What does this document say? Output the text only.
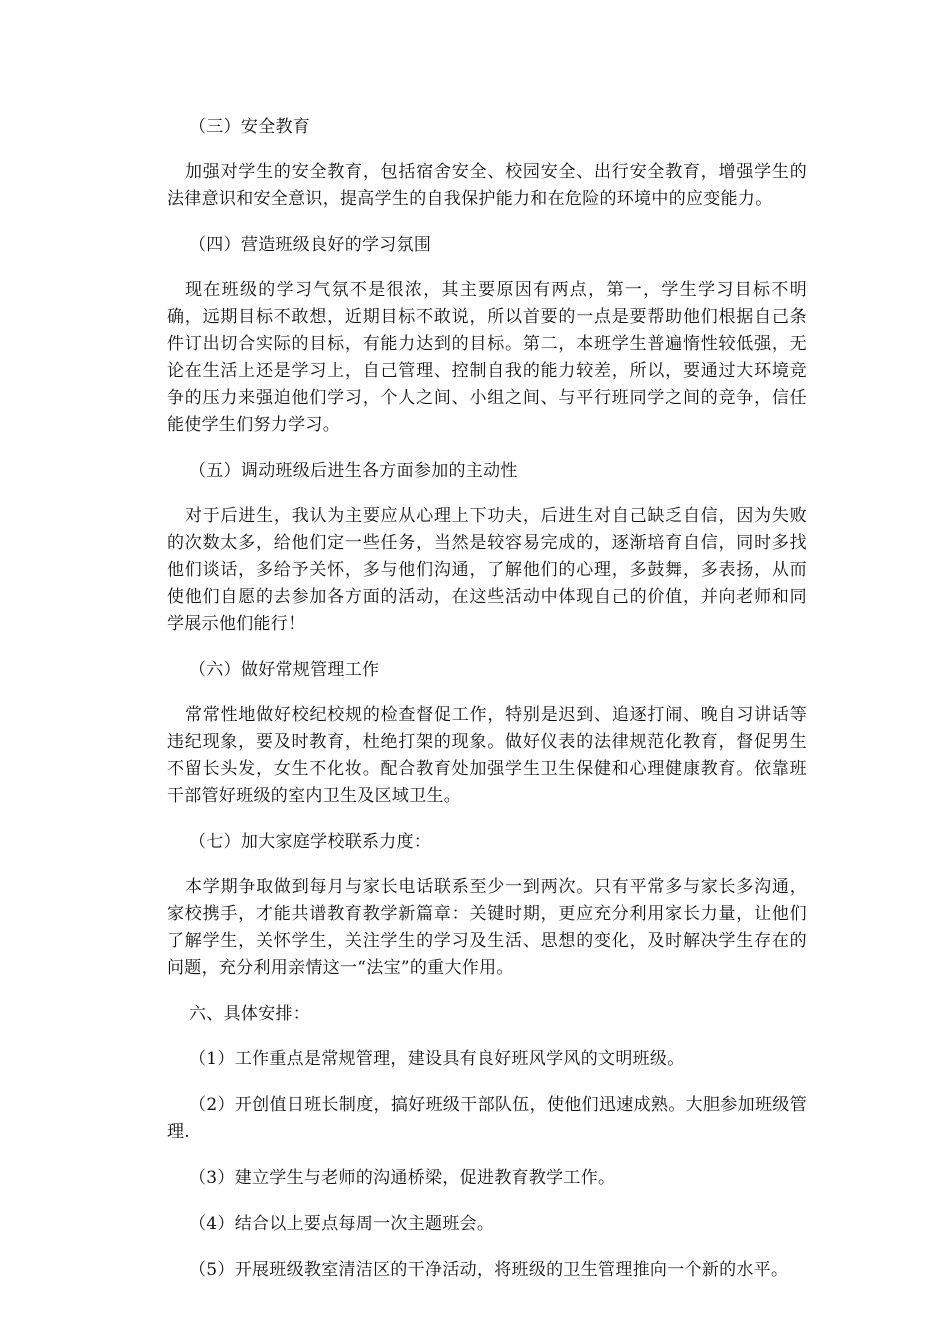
（三）安全教育

加强对学生的安全教育，包括宿舍安全、校园安全、出行安全教育，增强学生的法律意识和安全意识，提高学生的自我保护能力和在危险的环境中的应变能力。

（四）营造班级良好的学习氛围

现在班级的学习气氛不是很浓，其主要原因有两点，第一，学生学习目标不明确，远期目标不敢想，近期目标不敢说，所以首要的一点是要帮助他们根据自己条件订出切合实际的目标，有能力达到的目标。第二，本班学生普遍惰性较低强，无论在生活上还是学习上，自己管理、控制自我的能力较差，所以，要通过大环境竞争的压力来强迫他们学习，个人之间、小组之间、与平行班同学之间的竞争，信任能使学生们努力学习。

（五）调动班级后进生各方面参加的主动性

对于后进生，我认为主要应从心理上下功夫，后进生对自己缺乏自信，因为失败的次数太多，给他们定一些任务，当然是较容易完成的，逐渐培育自信，同时多找他们谈话，多给予关怀，多与他们沟通，了解他们的心理，多鼓舞，多表扬，从而使他们自愿的去参加各方面的活动，在这些活动中体现自己的价值，并向老师和同学展示他们能行！

（六）做好常规管理工作

常常性地做好校纪校规的检查督促工作，特别是迟到、追逐打闹、晚自习讲话等违纪现象，要及时教育，杜绝打架的现象。做好仪表的法律规范化教育，督促男生不留长头发，女生不化妆。配合教育处加强学生卫生保健和心理健康教育。依靠班干部管好班级的室内卫生及区域卫生。

（七）加大家庭学校联系力度：

本学期争取做到每月与家长电话联系至少一到两次。只有平常多与家长多沟通，家校携手，才能共谱教育教学新篇章：关键时期，更应充分利用家长力量，让他们了解学生，关怀学生，关注学生的学习及生活、思想的变化，及时解决学生存在的问题，充分利用亲情这一“法宝”的重大作用。

六、具体安排：

（1）工作重点是常规管理，建设具有良好班风学风的文明班级。

（2）开创值日班长制度，搞好班级干部队伍，使他们迅速成熟。大胆参加班级管理.

（3）建立学生与老师的沟通桥梁，促进教育教学工作。

（4）结合以上要点每周一次主题班会。

（5）开展班级教室清洁区的干净活动，将班级的卫生管理推向一个新的水平。
